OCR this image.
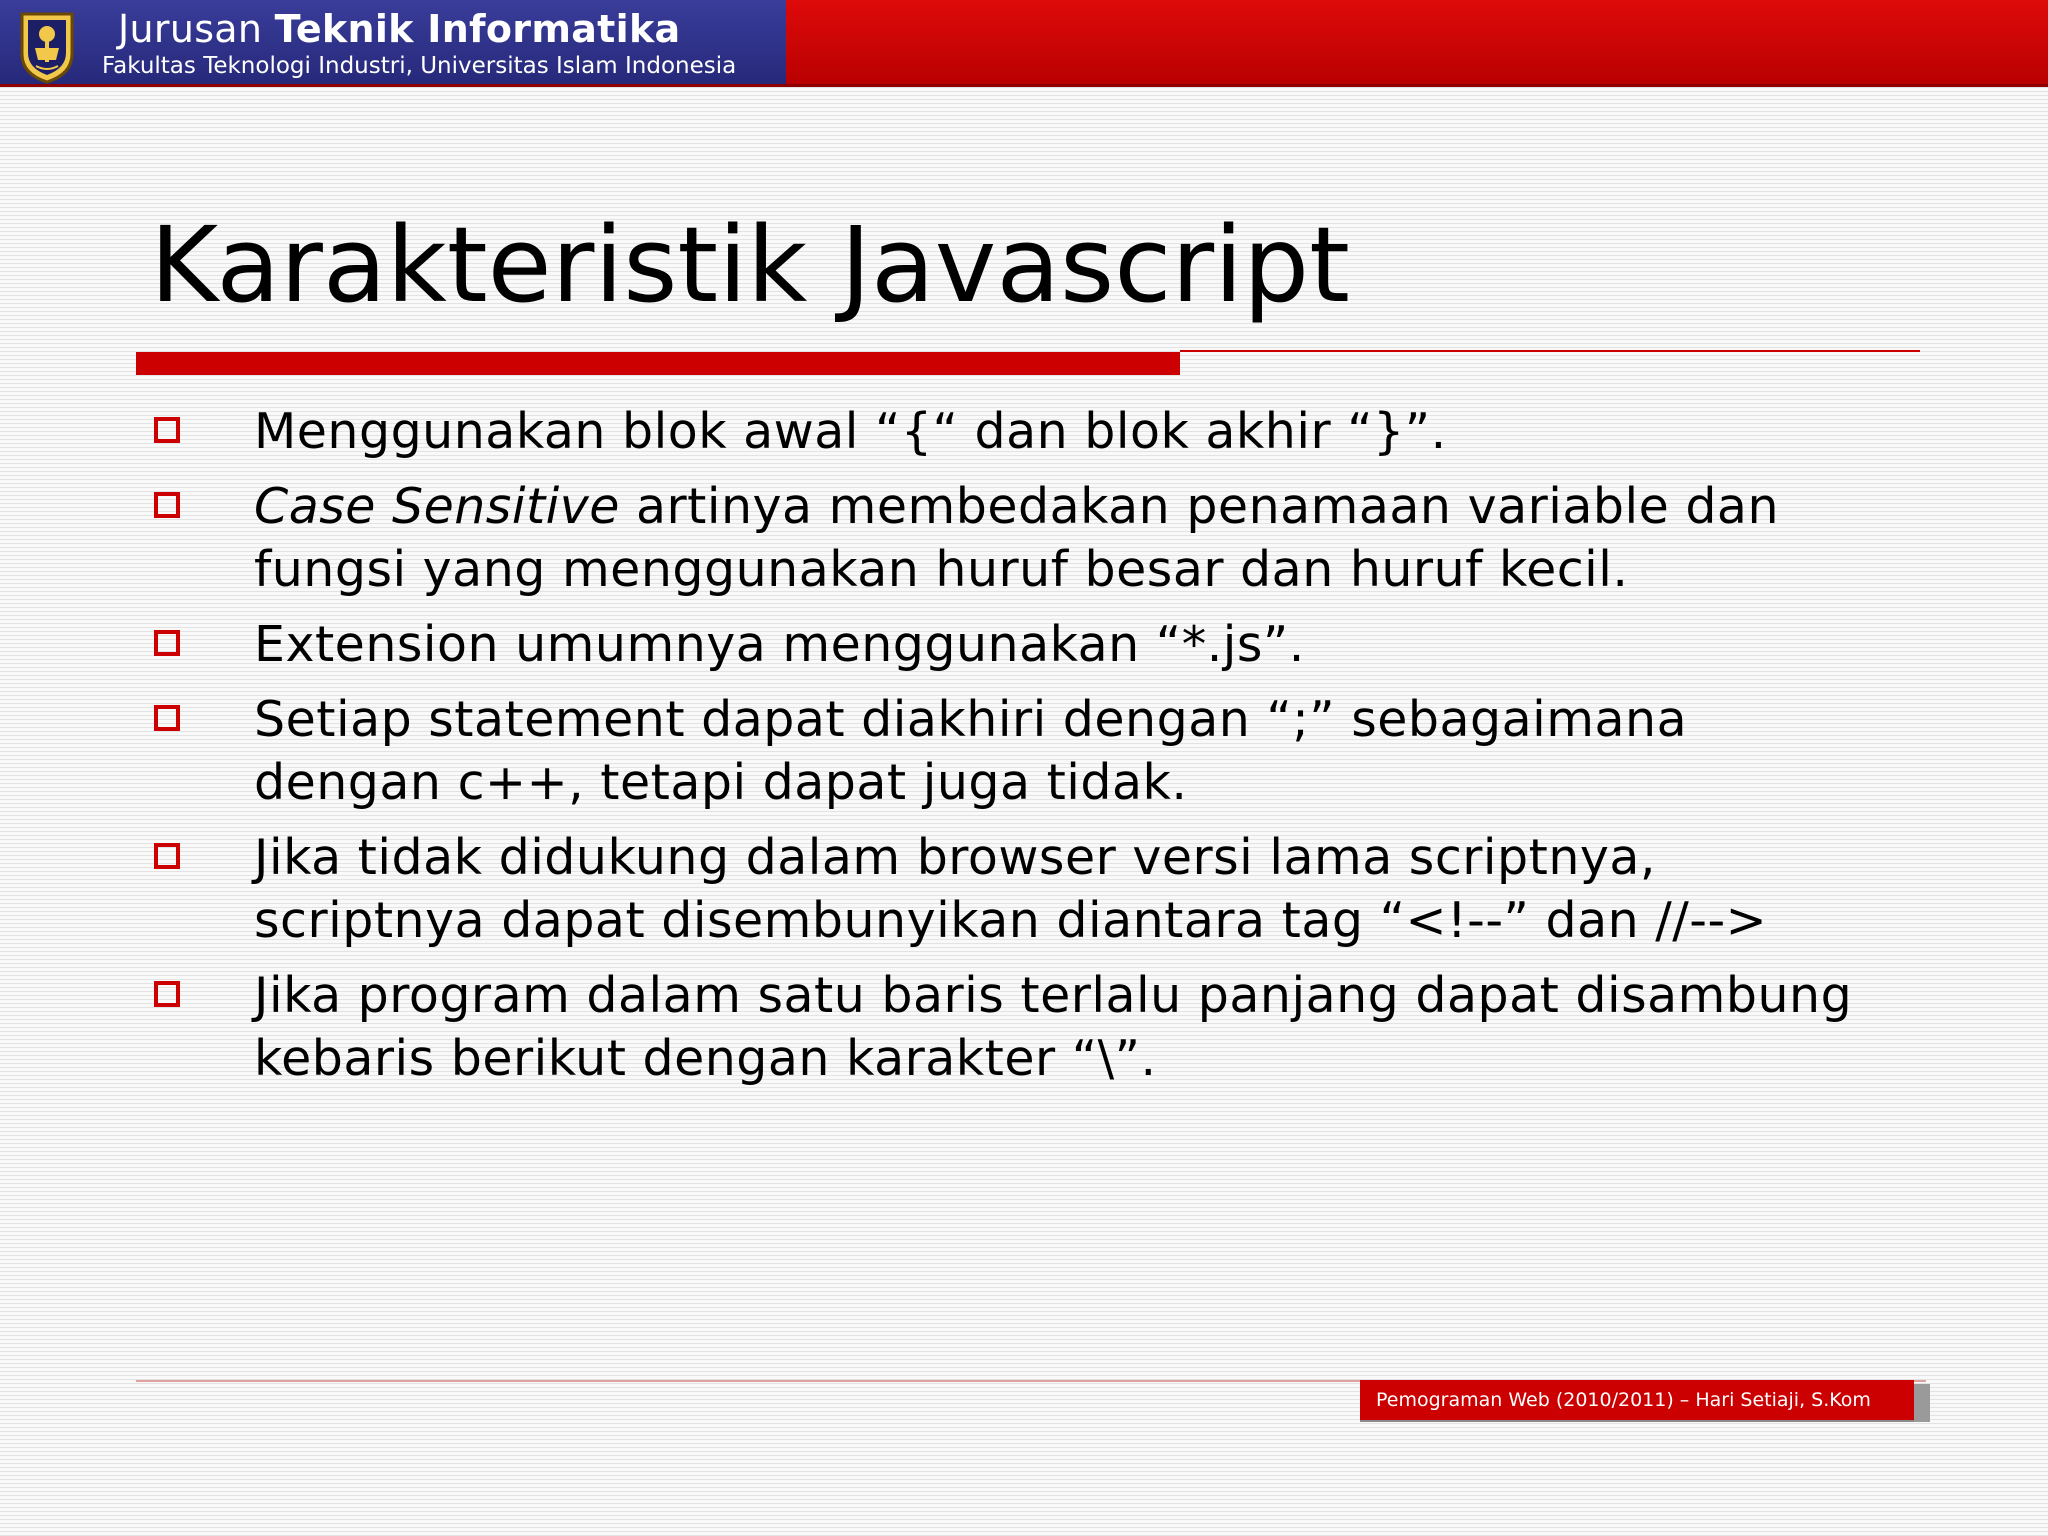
Jurusan Teknik Informatika

Fakultas Teknologi Industri, Universitas Islam Indonesia

Karakteristik Javascript
Menggunakan blok awal “{“ dan blok akhir “}”.
Case Sensitive artinya membedakan penamaan variable dan fungsi yang menggunakan huruf besar dan huruf kecil.
Extension umumnya menggunakan “*.js”.
Setiap statement dapat diakhiri dengan “;” sebagaimana dengan c++, tetapi dapat juga tidak.
Jika tidak didukung dalam browser versi lama scriptnya, scriptnya dapat disembunyikan diantara tag “<!--” dan //-->
Jika program dalam satu baris terlalu panjang dapat disambung kebaris berikut dengan karakter “\”.
Pemograman Web (2010/2011) – Hari Setiaji, S.Kom
